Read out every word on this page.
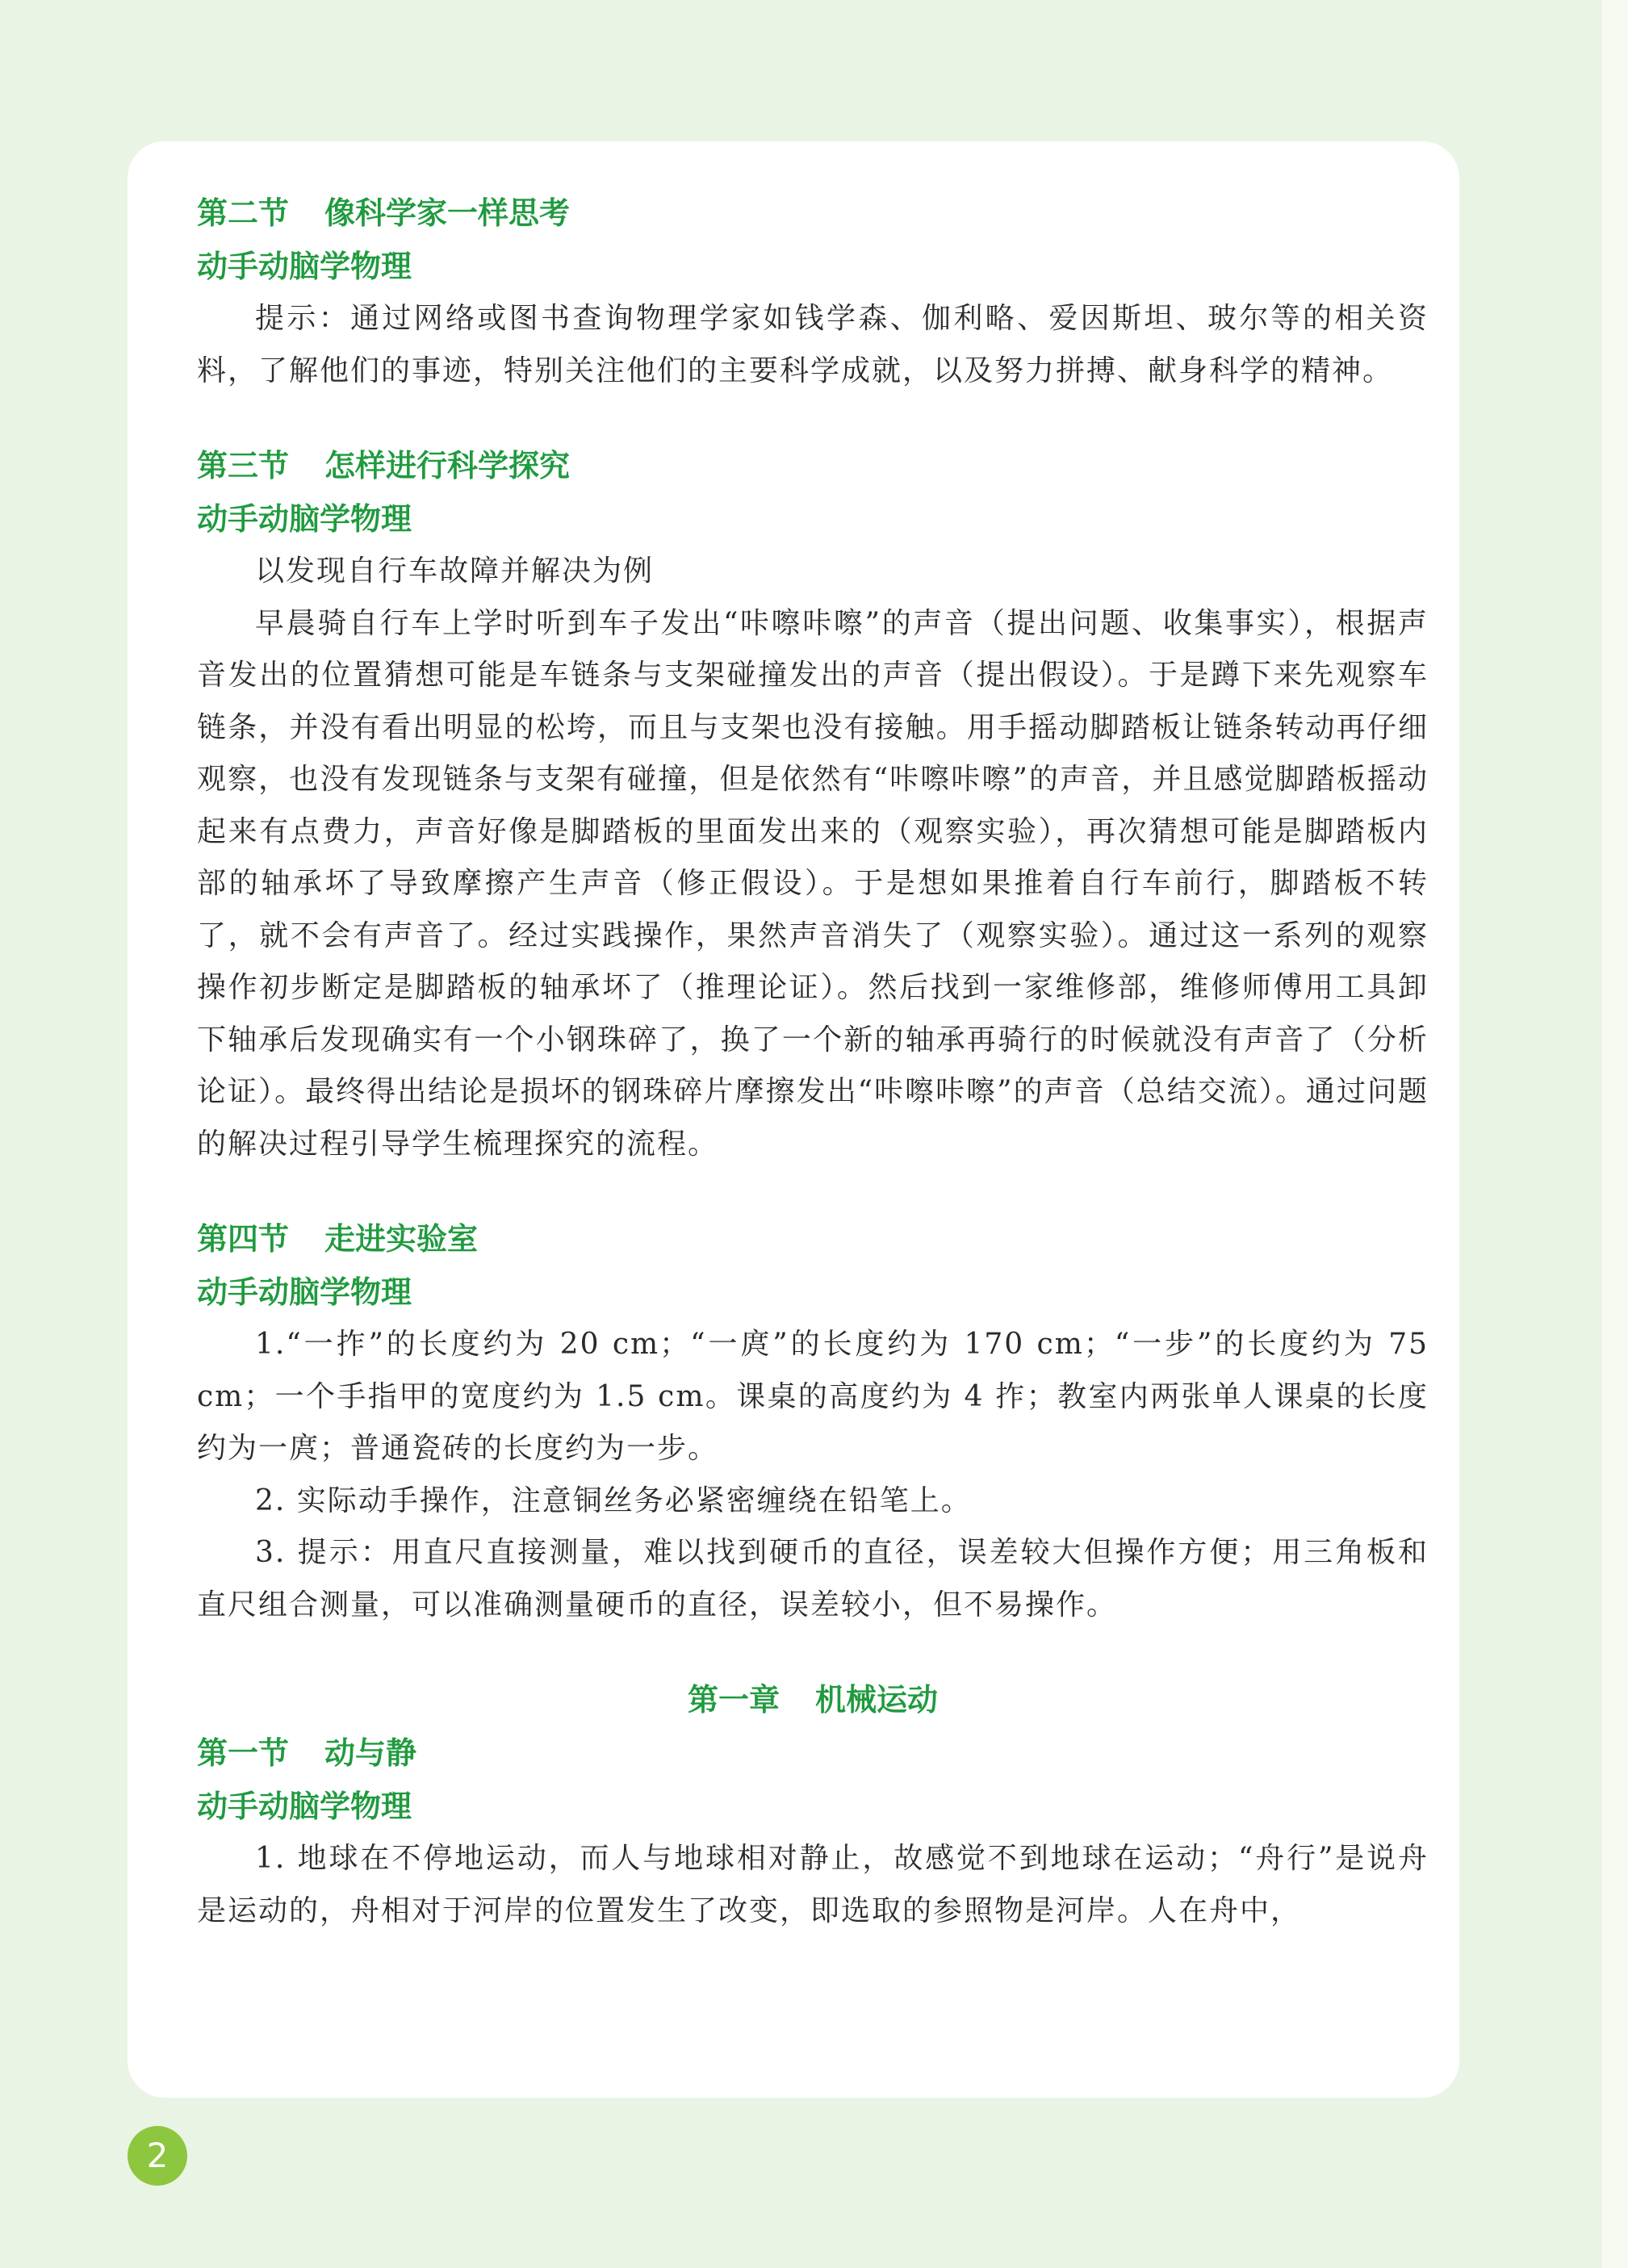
第二节 像科学家一样思考
动手动脑学物理

提示：通过网络或图书查询物理学家如钱学森、伽利略、爱因斯坦、玻尔等的相关资料，了解他们的事迹，特别关注他们的主要科学成就，以及努力拼搏、献身科学的精神。

第三节 怎样进行科学探究
动手动脑学物理

以发现自行车故障并解决为例

早晨骑自行车上学时听到车子发出“咔嚓咔嚓”的声音（提出问题、收集事实），根据声音发出的位置猜想可能是车链条与支架碰撞发出的声音（提出假设）。于是蹲下来先观察车链条，并没有看出明显的松垮，而且与支架也没有接触。用手摇动脚踏板让链条转动再仔细观察，也没有发现链条与支架有碰撞，但是依然有“咔嚓咔嚓”的声音，并且感觉脚踏板摇动起来有点费力，声音好像是脚踏板的里面发出来的（观察实验），再次猜想可能是脚踏板内部的轴承坏了导致摩擦产生声音（修正假设）。于是想如果推着自行车前行，脚踏板不转了，就不会有声音了。经过实践操作，果然声音消失了（观察实验）。通过这一系列的观察操作初步断定是脚踏板的轴承坏了（推理论证）。然后找到一家维修部，维修师傅用工具卸下轴承后发现确实有一个小钢珠碎了，换了一个新的轴承再骑行的时候就没有声音了（分析论证）。最终得出结论是损坏的钢珠碎片摩擦发出“咔嚓咔嚓”的声音（总结交流）。通过问题的解决过程引导学生梳理探究的流程。

第四节 走进实验室
动手动脑学物理

1.“一拃”的长度约为 20 cm；“一庹”的长度约为 170 cm；“一步”的长度约为 75 cm；一个手指甲的宽度约为 1.5 cm。课桌的高度约为 4 拃；教室内两张单人课桌的长度约为一庹；普通瓷砖的长度约为一步。

2. 实际动手操作，注意铜丝务必紧密缠绕在铅笔上。

3. 提示：用直尺直接测量，难以找到硬币的直径，误差较大但操作方便；用三角板和直尺组合测量，可以准确测量硬币的直径，误差较小，但不易操作。

第一章 机械运动
第一节 动与静
动手动脑学物理

1. 地球在不停地运动，而人与地球相对静止，故感觉不到地球在运动；“舟行”是说舟是运动的，舟相对于河岸的位置发生了改变，即选取的参照物是河岸。人在舟中，

2
